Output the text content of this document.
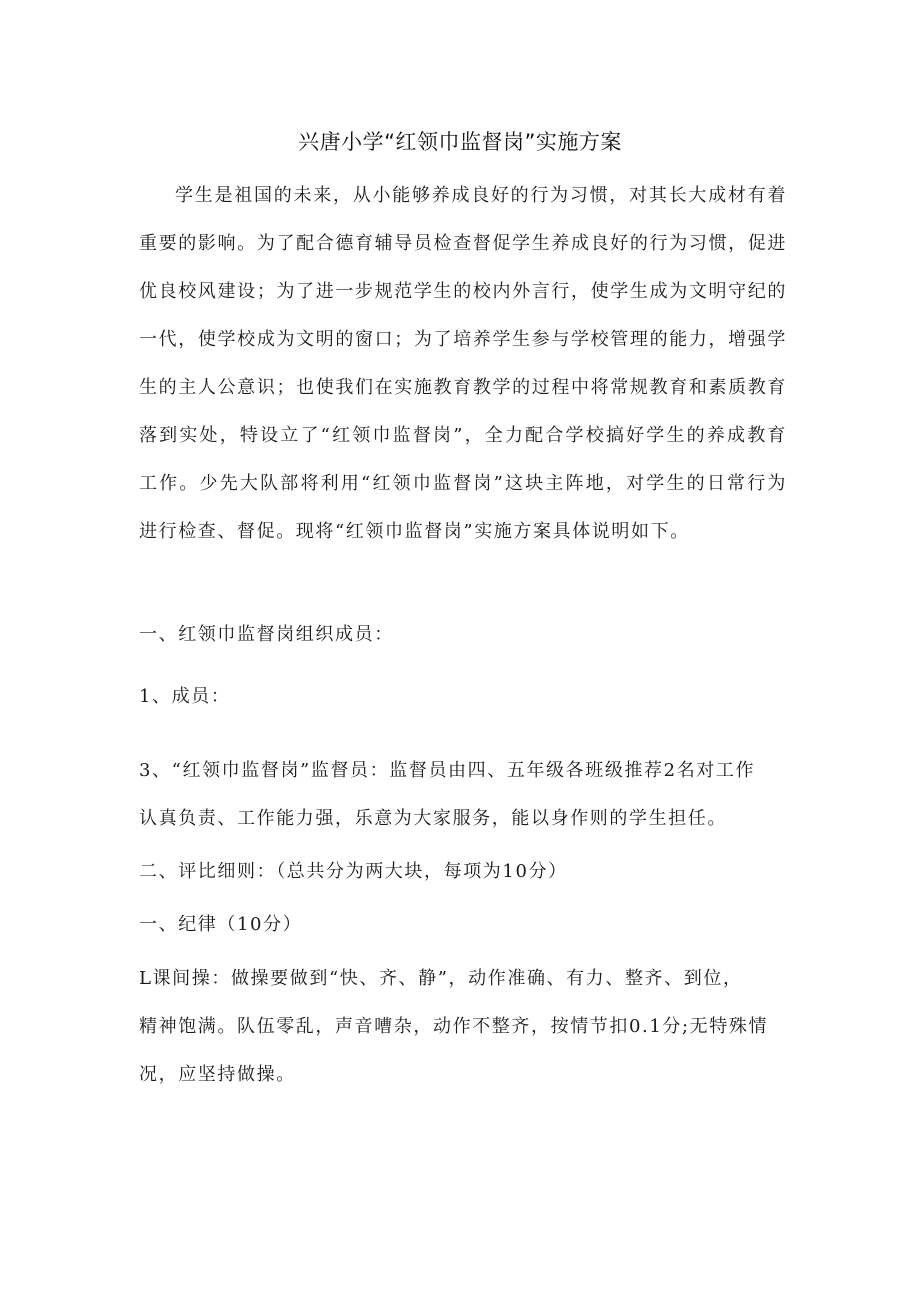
兴唐小学“红领巾监督岗”实施方案

学生是祖国的未来，从小能够养成良好的行为习惯，对其长大成材有着重要的影响。为了配合德育辅导员检查督促学生养成良好的行为习惯，促进优良校风建设；为了进一步规范学生的校内外言行，使学生成为文明守纪的一代，使学校成为文明的窗口；为了培养学生参与学校管理的能力，增强学生的主人公意识；也使我们在实施教育教学的过程中将常规教育和素质教育落到实处，特设立了“红领巾监督岗”，全力配合学校搞好学生的养成教育工作。少先大队部将利用“红领巾监督岗”这块主阵地，对学生的日常行为进行检查、督促。现将“红领巾监督岗”实施方案具体说明如下。

一、红领巾监督岗组织成员：

1、成员：

3、“红领巾监督岗”监督员：监督员由四、五年级各班级推荐2名对工作

认真负责、工作能力强，乐意为大家服务，能以身作则的学生担任。

二、评比细则：（总共分为两大块，每项为10分）

一、纪律（10分）

L课间操：做操要做到“快、齐、静”，动作准确、有力、整齐、到位，

精神饱满。队伍零乱，声音嘈杂，动作不整齐，按情节扣0.1分;无特殊情

况，应坚持做操。
